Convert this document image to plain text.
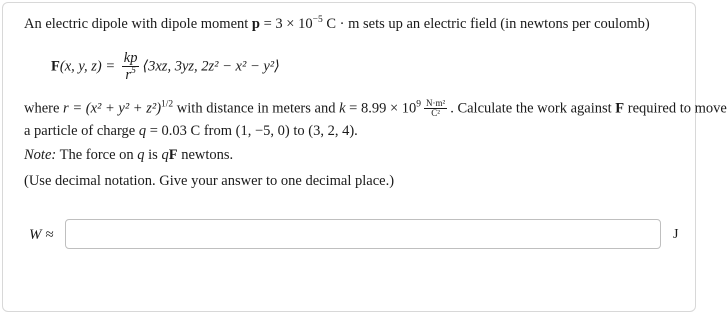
An electric dipole with dipole moment $p = 3 \times 10^{-5}$ C · m sets up an electric field (in newtons per coulomb)
F(x, y, $z) = \frac{kp}{r^5}$ ⟨3xz, 3yz, 2z² − x² − y²⟩
where $r = (x^2 + y^2 + z^2)^{1/2}$ with distance in meters and $k = 8.99 \times 10^9 \frac{\text{N·m²}}{\text{C²}}$ . Calculate the work against F required to move
a particle of charge q = 0.03 C from (1, −5, 0) to (3, 2, 4).
Note: The force on q is qF newtons.
(Use decimal notation. Give your answer to one decimal place.)
W ≈	J
